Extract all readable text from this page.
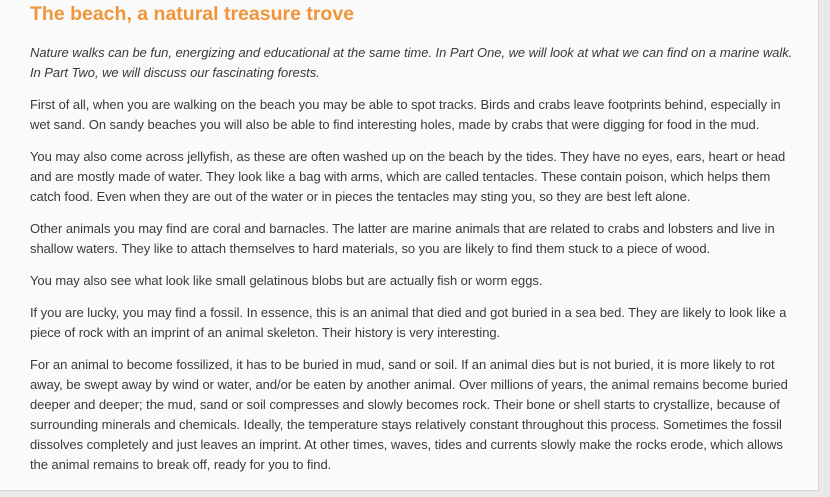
The beach, a natural treasure trove

Nature walks can be fun, energizing and educational at the same time. In Part One, we will look at what we can find on a marine walk. In Part Two, we will discuss our fascinating forests.

First of all, when you are walking on the beach you may be able to spot tracks. Birds and crabs leave footprints behind, especially in wet sand. On sandy beaches you will also be able to find interesting holes, made by crabs that were digging for food in the mud.

You may also come across jellyfish, as these are often washed up on the beach by the tides. They have no eyes, ears, heart or head and are mostly made of water. They look like a bag with arms, which are called tentacles. These contain poison, which helps them catch food. Even when they are out of the water or in pieces the tentacles may sting you, so they are best left alone.

Other animals you may find are coral and barnacles. The latter are marine animals that are related to crabs and lobsters and live in shallow waters. They like to attach themselves to hard materials, so you are likely to find them stuck to a piece of wood.

You may also see what look like small gelatinous blobs but are actually fish or worm eggs.

If you are lucky, you may find a fossil. In essence, this is an animal that died and got buried in a sea bed. They are likely to look like a piece of rock with an imprint of an animal skeleton. Their history is very interesting.

For an animal to become fossilized, it has to be buried in mud, sand or soil. If an animal dies but is not buried, it is more likely to rot away, be swept away by wind or water, and/or be eaten by another animal. Over millions of years, the animal remains become buried deeper and deeper; the mud, sand or soil compresses and slowly becomes rock. Their bone or shell starts to crystallize, because of surrounding minerals and chemicals. Ideally, the temperature stays relatively constant throughout this process. Sometimes the fossil dissolves completely and just leaves an imprint. At other times, waves, tides and currents slowly make the rocks erode, which allows the animal remains to break off, ready for you to find.
